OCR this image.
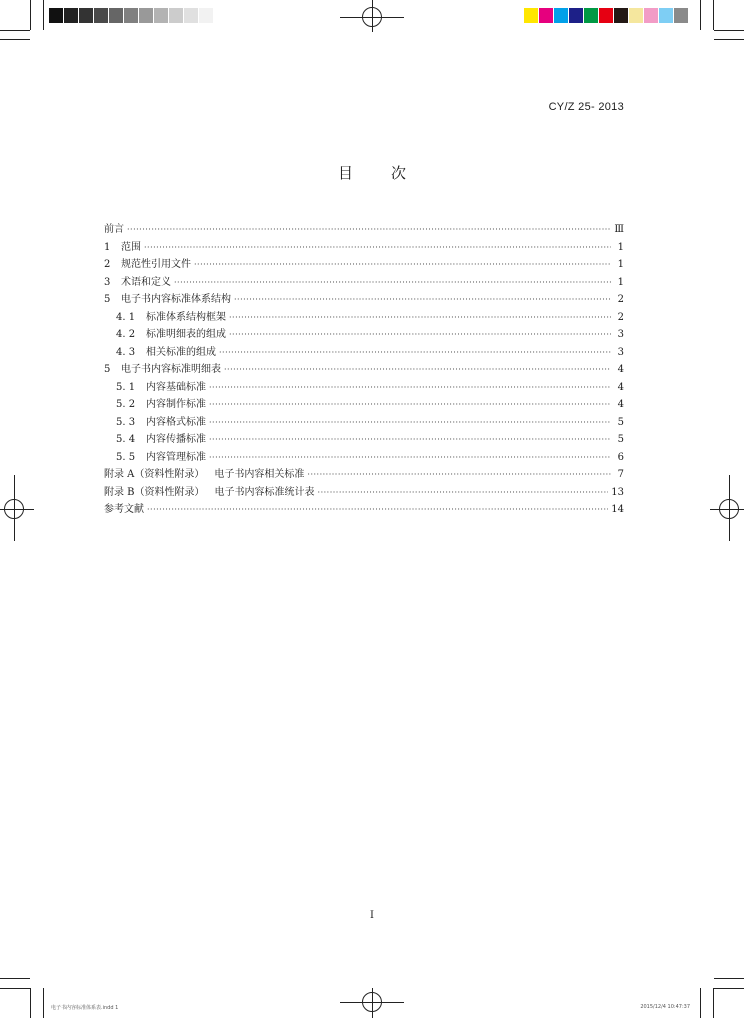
CY/Z 25- 2013
目	次
前言 ·····	Ⅲ
1	范围 ·····	1
2	规范性引用文件 ·····	1
3	术语和定义 ·····	1
5	电子书内容标准体系结构 ·····	2
4. 1	标准体系结构框架 ·····	2
4. 2	标准明细表的组成 ·····	3
4. 3	相关标准的组成 ·····	3
5	电子书内容标准明细表 ·····	4
5. 1	内容基础标准 ·····	4
5. 2	内容制作标准 ·····	4
5. 3	内容格式标准 ·····	5
5. 4	内容传播标准 ·····	5
5. 5	内容管理标准 ·····	6
附录 A（资料性附录） 电子书内容相关标准 ·····	7
附录 B（资料性附录） 电子书内容标准统计表 ·····	13
参考文献 ·····	14
I
电子书内容标准体系表.indd 1	2015/12/4 10:47:37
